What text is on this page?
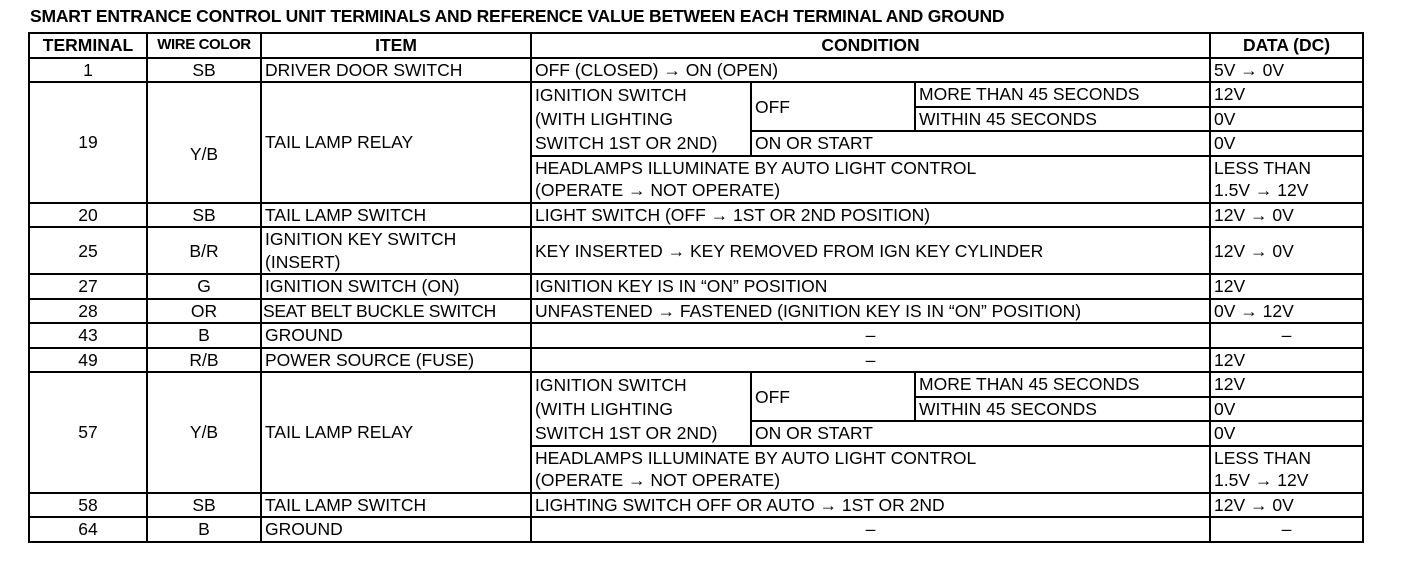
SMART ENTRANCE CONTROL UNIT TERMINALS AND REFERENCE VALUE BETWEEN EACH TERMINAL AND GROUND
TERMINAL	WIRE COLOR	ITEM	CONDITION			DATA (DC)
1	SB	DRIVER DOOR SWITCH	OFF (CLOSED) → ON (OPEN)			5V → 0V
19		TAIL LAMP RELAY	IGNITION SWITCH	OFF	MORE THAN 45 SECONDS	12V
	Y/B		(WITH LIGHTING		WITHIN 45 SECONDS	0V
			SWITCH 1ST OR 2ND)	ON OR START		0V
			HEADLAMPS ILLUMINATE BY AUTO LIGHT CONTROL			LESS THAN
			(OPERATE → NOT OPERATE)			1.5V → 12V
20	SB	TAIL LAMP SWITCH	LIGHT SWITCH (OFF → 1ST OR 2ND POSITION)			12V → 0V
25	B/R	IGNITION KEY SWITCH	KEY INSERTED → KEY REMOVED FROM IGN KEY CYLINDER			12V → 0V
		(INSERT)				
27	G	IGNITION SWITCH (ON)	IGNITION KEY IS IN “ON” POSITION			12V
28	OR	SEAT BELT BUCKLE SWITCH	UNFASTENED → FASTENED (IGNITION KEY IS IN “ON” POSITION)			0V → 12V
43	B	GROUND	–			–
49	R/B	POWER SOURCE (FUSE)	–			12V
57	Y/B	TAIL LAMP RELAY	IGNITION SWITCH	OFF	MORE THAN 45 SECONDS	12V
			(WITH LIGHTING		WITHIN 45 SECONDS	0V
			SWITCH 1ST OR 2ND)	ON OR START		0V
			HEADLAMPS ILLUMINATE BY AUTO LIGHT CONTROL			LESS THAN
			(OPERATE → NOT OPERATE)			1.5V → 12V
58	SB	TAIL LAMP SWITCH	LIGHTING SWITCH OFF OR AUTO → 1ST OR 2ND			12V → 0V
64	B	GROUND	–			–
